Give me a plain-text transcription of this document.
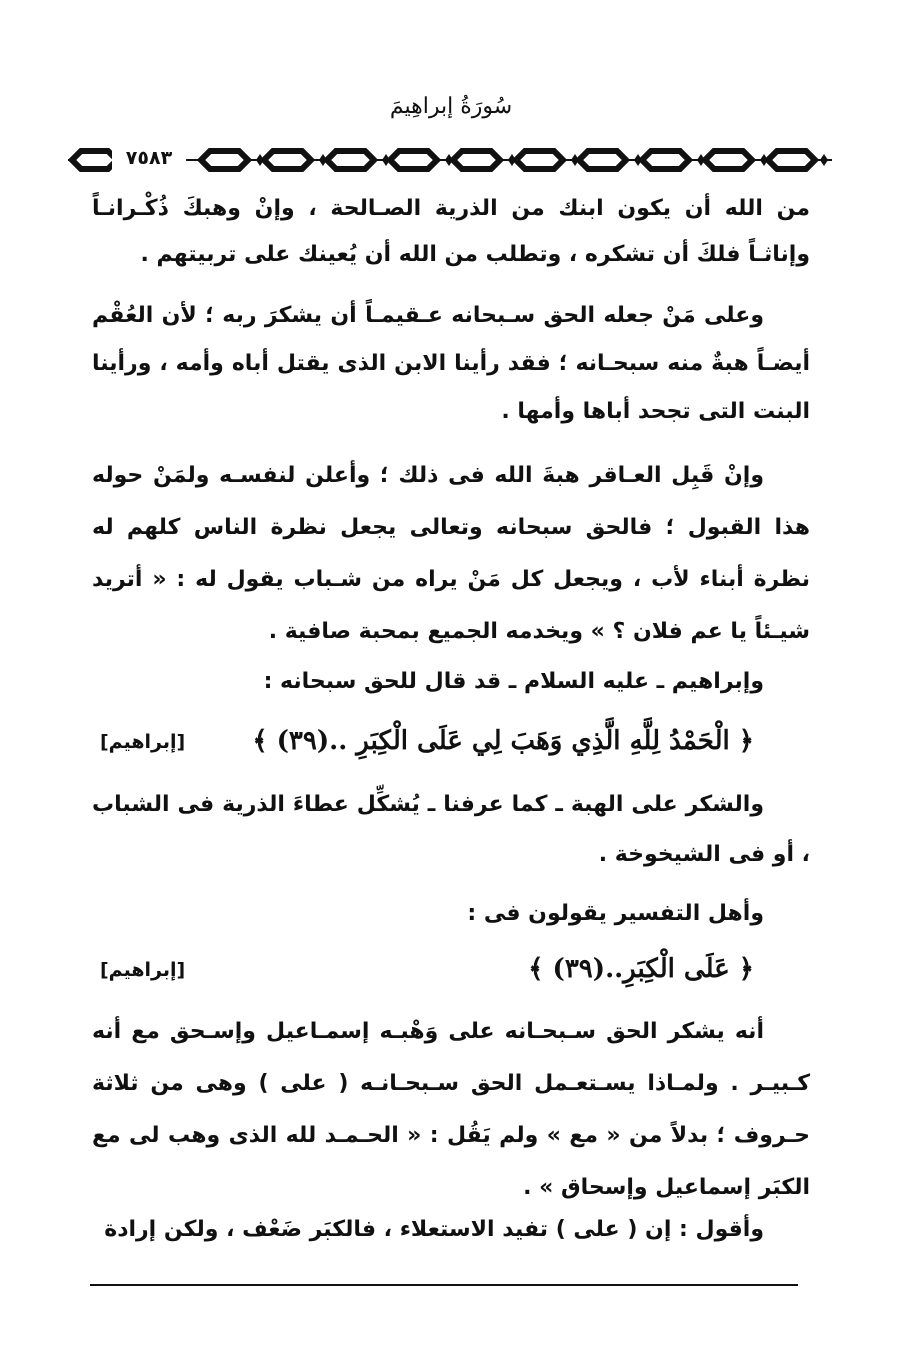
سُورَةُ إبراهِيمَ
٧٥٨٣
من الله أن يكون ابنك من الذرية الصـالحة ، وإنْ وهبكَ ذُكْـرانـاً وإناثـاً فلكَ أن تشكره ، وتطلب من الله أن يُعينك على تربيتهم .
وعلى مَنْ جعله الحق سـبحانه عـقيمـاً أن يشكرَ ربه ؛ لأن العُقْم أيضـاً هبةٌ منه سبحـانه ؛ فقد رأينا الابن الذى يقتل أباه وأمه ، ورأينا البنت التى تجحد أباها وأمها .
وإنْ قَبِل العـاقر هبةَ الله فى ذلك ؛ وأعلن لنفسـه ولمَنْ حوله هذا القبول ؛ فالحق سبحانه وتعالى يجعل نظرة الناس كلهم له نظرة أبناء لأب ، ويجعل كل مَنْ يراه من شـباب يقول له : « أتريد شيـئاً يا عم فلان ؟ » ويخدمه الجميع بمحبة صافية .
وإبراهيم ـ عليه السلام ـ قد قال للحق سبحانه :
﴿ الْحَمْدُ لِلَّهِ الَّذِي وَهَبَ لِي عَلَى الْكِبَرِ ..(٣٩) ﴾
[إبراهيم]
والشكر على الهبة ـ كما عرفنا ـ يُشكِّل عطاءَ الذرية فى الشباب ، أو فى الشيخوخة .
وأهل التفسير يقولون فى :
﴿ عَلَى الْكِبَرِ..(٣٩) ﴾
[إبراهيم]
أنه يشكر الحق سـبحـانه على وَهْبـه إسمـاعيل وإسـحق مع أنه كـبيـر . ولمـاذا يسـتعـمل الحق سـبحـانـه ( على ) وهى من ثلاثة حـروف ؛ بدلاً من « مع » ولم يَقُل : « الحـمـد لله الذى وهب لى مع الكبَر إسماعيل وإسحاق » .
وأقول : إن ( على ) تفيد الاستعلاء ، فالكبَر ضَعْف ، ولكن إرادة
